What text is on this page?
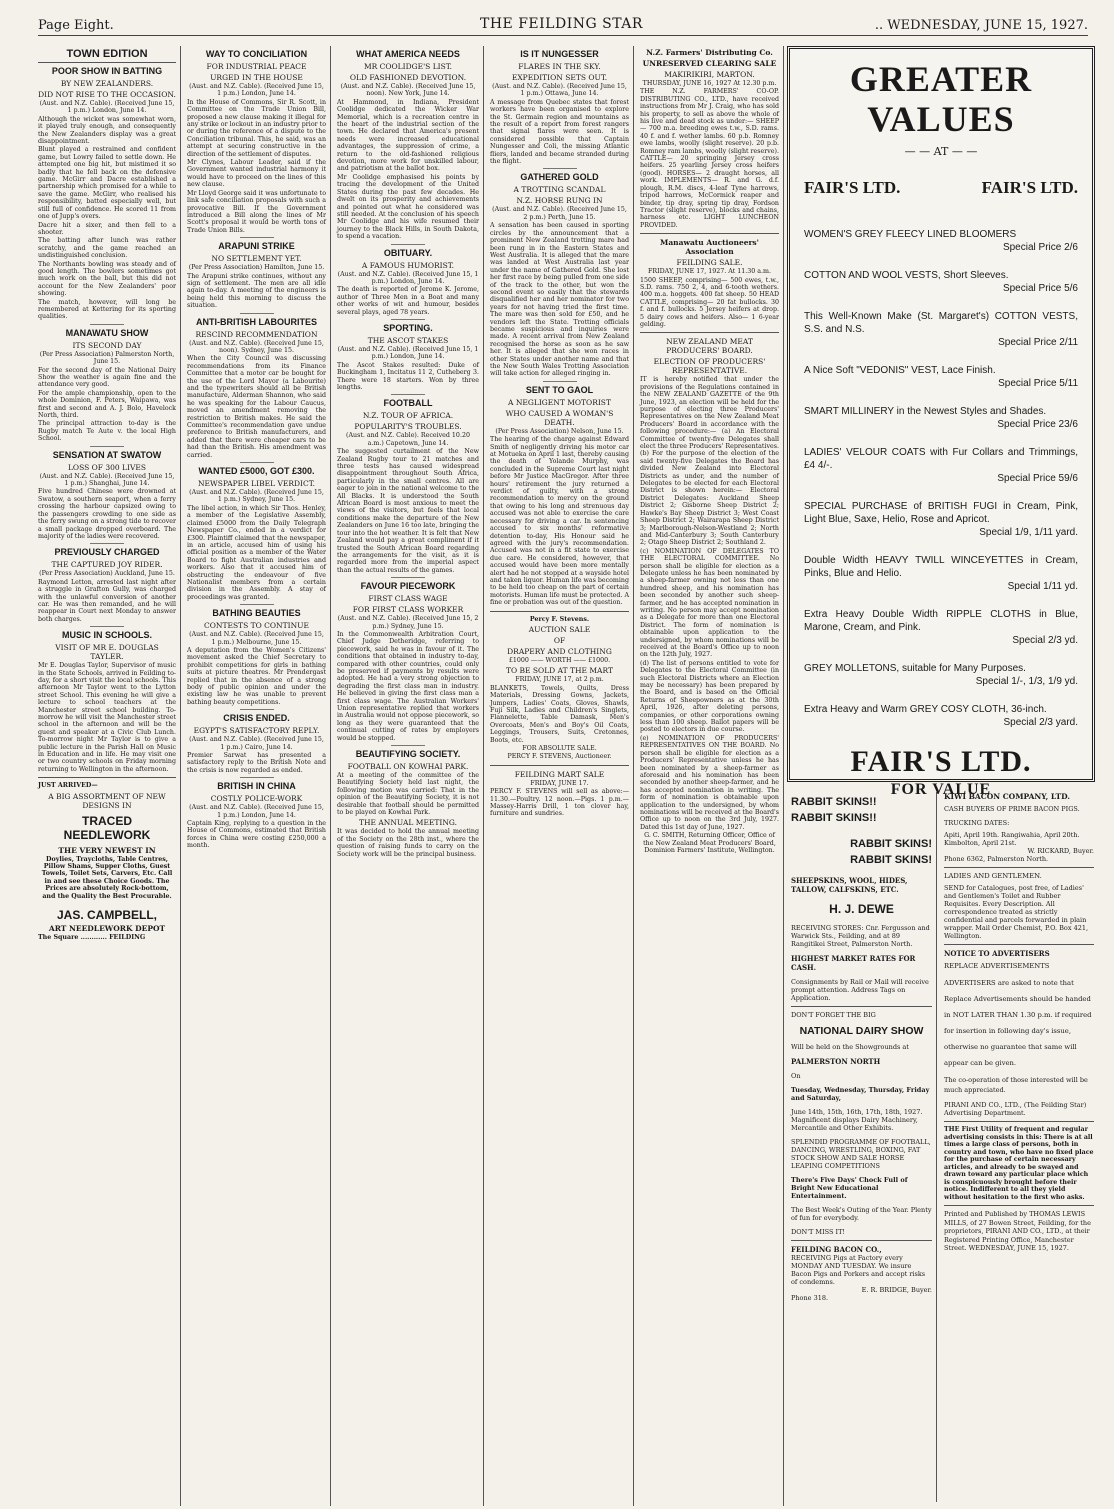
Page Eight.	THE FEILDING STAR	.. WEDNESDAY, JUNE 15, 1927.
TOWN EDITION
POOR SHOW IN BATTING
BY NEW ZEALANDERS.
DID NOT RISE TO THE OCCASION.

(Aust. and N.Z. Cable). (Received June 15, 1 p.m.) London, June 14.

Although the wicket was somewhat worn, it played truly enough, and consequently the New Zealanders display was a great disappointment.

Blunt played a restrained and confident game, but Lowry failed to settle down. He attempted one big hit, but mistimed it so badly that he fell back on the defensive game. McGirr and Dacre established a partnership which promised for a while to save the game. McGirr, who realised his responsibility, batted especially well, but still full of confidence. He scored 11 from one of Jupp's overs.

Dacre hit a sixer, and then fell to a shooter.

The batting after lunch was rather scratchy, and the game reached an undistinguished conclusion.

The Northants bowling was steady and of good length. The bowlers sometimes got much work on the ball, but this did not account for the New Zealanders' poor showing.

The match, however, will long be remembered at Kettering for its sporting qualities.

MANAWATU SHOW
ITS SECOND DAY

(Per Press Association) Palmerston North, June 15.

For the second day of the National Dairy Show the weather is again fine and the attendance very good.

For the ample championship, open to the whole Dominion, F. Peters, Waipawa, was first and second and A. J. Bolo, Havelock North, third.

The principal attraction to-day is the Rugby match Te Aute v. the local High School.

SENSATION AT SWATOW
LOSS OF 300 LIVES

(Aust. and N.Z. Cable). (Received June 15, 1 p.m.) Shanghai, June 14.

Five hundred Chinese were drowned at Swatow, a southern seaport, when a ferry crossing the harbour capsized owing to the passengers crowding to one side as the ferry swung on a strong tide to recover a small package dropped overboard. The majority of the ladies were recovered.

PREVIOUSLY CHARGED
THE CAPTURED JOY RIDER.

(Per Press Association) Auckland, June 15.

Raymond Letton, arrested last night after a struggle in Grafton Gully, was charged with the unlawful conversion of another car. He was then remanded, and he will reappear in Court next Monday to answer both charges.

MUSIC IN SCHOOLS.
VISIT OF MR E. DOUGLAS TAYLER.

Mr E. Douglas Taylor, Supervisor of music in the State Schools, arrived in Feilding to-day, for a short visit the local schools. This afternoon Mr Taylor went to the Lytton street School. This evening he will give a lecture to school teachers at the Manchester street school building. To-morrow he will visit the Manchester street school in the afternoon and will be the guest and speaker at a Civic Club Lunch. To-morrow night Mr Taylor is to give a public lecture in the Parish Hall on Music in Education and in life. He may visit one or two country schools on Friday morning returning to Wellington in the afternoon.

JUST ARRIVED—

A BIG ASSORTMENT OF NEW DESIGNS IN
TRACED NEEDLEWORK
THE VERY NEWEST IN

Doylies, Traycloths, Table Centres, Pillow Shams, Supper Cloths, Guest Towels, Toilet Sets, Carvers, Etc. Call in and see these Choice Goods. The Prices are absolutely Rock-bottom, and the Quality the Best Procurable.

JAS. CAMPBELL,
ART NEEDLEWORK DEPOT

The Square ............ FEILDING

WAY TO CONCILIATION
FOR INDUSTRIAL PEACE
URGED IN THE HOUSE

(Aust. and N.Z. Cable). (Received June 15, 1 p.m.) London, June 14.

In the House of Commons, Sir R. Scott, in Committee on the Trade Union Bill, proposed a new clause making it illegal for any strike or lockout in an industry prior to or during the reference of a dispute to the Conciliation tribunal. This, he said, was an attempt at securing constructive in the direction of the settlement of disputes.

Mr Clynes, Labour Leader, said if the Government wanted industrial harmony it would have to proceed on the lines of this new clause.

Mr Lloyd George said it was unfortunate to link safe conciliation proposals with such a provocative Bill. If the Government introduced a Bill along the lines of Mr Scott's proposal it would be worth tons of Trade Union Bills.

ARAPUNI STRIKE
NO SETTLEMENT YET.

(Per Press Association) Hamilton, June 15.

The Arapuni strike continues, without any sign of settlement. The men are all idle again to-day. A meeting of the engineers is being held this morning to discuss the situation.

ANTI-BRITISH LABOURITES
RESCIND RECOMMENDATION

(Aust. and N.Z. Cable). (Received June 15, noon). Sydney, June 15.

When the City Council was discussing recommendations from its Finance Committee that a motor car be bought for the use of the Lord Mayor (a Labourite) and the typewriters should all be British manufacture, Alderman Shannon, who said he was speaking for the Labour Caucus, moved an amendment removing the restriction to British makes. He said the Committee's recommendation gave undue preference to British manufacturers, and added that there were cheaper cars to be had than the British. His amendment was carried.

WANTED £5000, GOT £300.
NEWSPAPER LIBEL VERDICT.

(Aust. and N.Z. Cable). (Received June 15, 1 p.m.) Sydney, June 15.

The libel action, in which Sir Thos. Henley, a member of the Legislative Assembly, claimed £5000 from the Daily Telegraph Newspaper Co., ended in a verdict for £300. Plaintiff claimed that the newspaper, in an article, accused him of using his official position as a member of the Water Board to fight Australian industries and workers. Also that it accused him of obstructing the endeavour of five Nationalist members from a certain division in the Assembly. A stay of proceedings was granted.

BATHING BEAUTIES
CONTESTS TO CONTINUE

(Aust. and N.Z. Cable). (Received June 15, 1 p.m.) Melbourne, June 15.

A deputation from the Women's Citizens' movement asked the Chief Secretary to prohibit competitions for girls in bathing suits at picture theatres. Mr Prendergast replied that in the absence of a strong body of public opinion and under the existing law he was unable to prevent bathing beauty competitions.

CRISIS ENDED.
EGYPT'S SATISFACTORY REPLY.

(Aust. and N.Z. Cable). (Received June 15, 1 p.m.) Cairo, June 14.

Premier Sarwat has presented a satisfactory reply to the British Note and the crisis is now regarded as ended.

BRITISH IN CHINA
COSTLY POLICE-WORK

(Aust. and N.Z. Cable). (Received June 15, 1 p.m.) London, June 14.

Captain King, replying to a question in the House of Commons, estimated that British forces in China were costing £250,000 a month.

WHAT AMERICA NEEDS
MR COOLIDGE'S LIST.
OLD FASHIONED DEVOTION.

(Aust. and N.Z. Cable). (Received June 15, noon). New York, June 14.

At Hammond, in Indiana, President Coolidge dedicated the Wicker War Memorial, which is a recreation centre in the heart of the industrial section of the town. He declared that America's present needs were increased educational advantages, the suppression of crime, a return to the old-fashioned religious devotion, more work for unskilled labour, and patriotism at the ballot box.

Mr Coolidge emphasised his points by tracing the development of the United States during the past few decades. He dwelt on its prosperity and achievements and pointed out what he considered was still needed. At the conclusion of his speech Mr Coolidge and his wife resumed their journey to the Black Hills, in South Dakota, to spend a vacation.

OBITUARY.
A FAMOUS HUMORIST.

(Aust. and N.Z. Cable). (Received June 15, 1 p.m.) London, June 14.

The death is reported of Jerome K. Jerome, author of Three Men in a Boat and many other works of wit and humour, besides several plays, aged 78 years.

SPORTING.
THE ASCOT STAKES

(Aust. and N.Z. Cable). (Received June 15, 1 p.m.) London, June 14.

The Ascot Stakes resulted: Duke of Buckingham 1, Incitatus 11 2, Cutheberg 3. There were 18 starters. Won by three lengths.

FOOTBALL
N.Z. TOUR OF AFRICA.
POPULARITY'S TROUBLES.

(Aust. and N.Z. Cable). Received 10.20 a.m.) Capetown, June 14.

The suggested curtailment of the New Zealand Rugby tour to 21 matches and three tests has caused widespread disappointment throughout South Africa, particularly in the small centres. All are eager to join in the national welcome to the All Blacks. It is understood the South African Board is most anxious to meet the views of the visitors, but feels that local conditions make the departure of the New Zealanders on June 16 too late, bringing the tour into the hot weather. It is felt that New Zealand would pay a great compliment if it trusted the South African Board regarding the arrangements for the visit, as it is regarded more from the imperial aspect than the actual results of the games.

FAVOUR PIECEWORK
FIRST CLASS WAGE
FOR FIRST CLASS WORKER

(Aust. and N.Z. Cable). (Received June 15, 2 p.m.) Sydney, June 15.

In the Commonwealth Arbitration Court, Chief Judge Detheridge, referring to piecework, said he was in favour of it. The conditions that obtained in industry to-day, compared with other countries, could only be preserved if payments by results were adopted. He had a very strong objection to degrading the first class man in industry. He believed in giving the first class man a first class wage. The Australian Workers' Union representative replied that workers in Australia would not oppose piecework, so long as they were guaranteed that the continual cutting of rates by employers would be stopped.

BEAUTIFYING SOCIETY.
FOOTBALL ON KOWHAI PARK.

At a meeting of the committee of the Beautifying Society held last night, the following motion was carried: That in the opinion of the Beautifying Society, it is not desirable that football should be permitted to be played on Kowhai Park.

THE ANNUAL MEETING.

It was decided to hold the annual meeting of the Society on the 28th inst., where the question of raising funds to carry on the Society work will be the principal business.

IS IT NUNGESSER
FLARES IN THE SKY.
EXPEDITION SETS OUT.

(Aust. and N.Z. Cable). (Received June 15, 1 p.m.) Ottawa, June 14.

A message from Quebec states that forest workers have been organised to explore the St. Germain region and mountains as the result of a report from forest rangers that signal flares were seen. It is considered possible that Captain Nungesser and Coli, the missing Atlantic fliers, landed and became stranded during the flight.

GATHERED GOLD
A TROTTING SCANDAL
N.Z. HORSE RUNG IN

(Aust. and N.Z. Cable). (Received June 15, 2 p.m.) Perth, June 15.

A sensation has been caused in sporting circles by the announcement that a prominent New Zealand trotting mare had been rung in in the Eastern States and West Australia. It is alleged that the mare was landed at West Australia last year under the name of Gathered Gold. She lost her first race by being pulled from one side of the track to the other, but won the second event so easily that the stewards disqualified her and her nominator for two years for not having tried the first time. The mare was then sold for £50, and he vendors left the State. Trotting officials became suspicious and inquiries were made. A recent arrival from New Zealand recognised the horse as soon as he saw her. It is alleged that she won races in other States under another name and that the New South Wales Trotting Association will take action for alleged ringing in.

SENT TO GAOL
A NEGLIGENT MOTORIST
WHO CAUSED A WOMAN'S DEATH.

(Per Press Association) Nelson, June 15.

The hearing of the charge against Edward Smith of negligently driving his motor car at Motueka on April 1 last, thereby causing the death of Yolande Murphy, was concluded in the Supreme Court last night before Mr Justice MacGregor. After three hours' retirement the jury returned a verdict of guilty, with a strong recommendation to mercy on the ground that owing to his long and strenuous day accused was not able to exercise the care necessary for driving a car. In sentencing accused to six months' reformative detention to-day, His Honour said he agreed with the jury's recommendation. Accused was not in a fit state to exercise due care. He considered, however, that accused would have been more mentally alert had he not stopped at a wayside hotel and taken liquor. Human life was becoming to be held too cheap on the part of certain motorists. Human life must be protected. A fine or probation was out of the question.

Percy F. Stevens.

AUCTION SALE
OF
DRAPERY AND CLOTHING

£1000 —— WORTH —— £1000.

TO BE SOLD AT THE MART

FRIDAY, JUNE 17, at 2 p.m.

BLANKETS, Towels, Quilts, Dress Materials, Dressing Gowns, Jackets, Jumpers, Ladies' Coats, Gloves, Shawls, Fuji Silk, Ladies and Children's Singlets, Flannelette, Table Damask, Men's Overcoats, Men's and Boy's Oil Coats, Leggings, Trousers, Suits, Cretonnes, Boots, etc.

FOR ABSOLUTE SALE.

PERCY F. STEVENS, Auctioneer.

FEILDING MART SALE

FRIDAY, JUNE 17.

PERCY F. STEVENS will sell as above:— 11.30.—Poultry. 12 noon.—Pigs. 1 p.m.—Massey-Harris Drill, 1 ton clover hay, furniture and sundries.

N.Z. Farmers' Distributing Co.
UNRESERVED CLEARING SALE
MAKIRIKIRI, MARTON.

THURSDAY, JUNE 16, 1927 At 12.30 p.m.

THE N.Z. FARMERS' CO-OP. DISTRIBUTING CO., LTD., have received instructions from Mr J. Craig, who has sold his property, to sell as above the whole of his live and dead stock as under:— SHEEP— 700 m.a. breeding ewes t.w., S.D. rams. 40 f. and f. wether lambs. 60 p.b. Romney ewe lambs, woolly (slight reserve). 20 p.b. Romney ram lambs, woolly (slight reserve). CATTLE— 20 springing Jersey cross heifers. 25 yearling Jersey cross heifers (good). HORSES— 2 draught horses, all work. IMPLEMENTS— R. and G. d.f. plough, R.M. discs, 4-leaf Tyne harrows, tripod harrows, McCormick reaper and binder, tip dray, spring tip dray, Fordson Tractor (slight reserve), blocks and chains, harness etc. LIGHT LUNCHEON PROVIDED.

Manawatu Auctioneers' Association
FEILDING SALE.

FRIDAY, JUNE 17, 1927. At 11.30 a.m.

1500 SHEEP, comprising— 500 ewes, t.w., S.D. rams. 750 2, 4, and 6-tooth wethers. 400 m.a. hoggets. 400 fat sheep. 50 HEAD CATTLE, comprising— 20 fat bullocks. 30 f. and f. bullocks. 5 Jersey heifers at drop. 5 dairy cows and heifers. Also— 1 6-year gelding.

NEW ZEALAND MEAT PRODUCERS' BOARD.
ELECTION OF PRODUCERS' REPRESENTATIVE.

IT is hereby notified that under the provisions of the Regulations contained in the NEW ZEALAND GAZETTE of the 9th June, 1923, an election will be held for the purpose of electing three Producers' Representatives on the New Zealand Meat Producers' Board in accordance with the following procedure:— (a) An Electoral Committee of twenty-five Delegates shall elect the three Producers' Representatives. (b) For the purpose of the election of the said twenty-five Delegates the Board has divided New Zealand into Electoral Districts as under, and the number of Delegates to be elected for each Electoral District is shown herein:— Electoral District Delegates: Auckland Sheep District 2; Gisborne Sheep District 2; Hawke's Bay Sheep District 3; West Coast Sheep District 2; Wairarapa Sheep District 3; Marlborough-Nelson-Westland 2; North and Mid-Canterbury 3; South Canterbury 2; Otago Sheep District 2; Southland 2.

(c) NOMINATION OF DELEGATES TO THE ELECTORAL COMMITTEE. No person shall be eligible for election as a Delegate unless he has been nominated by a sheep-farmer owning not less than one hundred sheep, and his nomination has been seconded by another such sheep-farmer, and he has accepted nomination in writing. No person may accept nomination as a Delegate for more than one Electoral District. The form of nomination is obtainable upon application to the undersigned, by whom nominations will be received at the Board's Office up to noon on the 12th July, 1927.

(d) The list of persons entitled to vote for Delegates to the Electoral Committee (in such Electoral Districts where an Election may be necessary) has been prepared by the Board, and is based on the Official Returns of Sheepowners as at the 30th April, 1926, after deleting persons, companies, or other corporations owning less than 100 sheep. Ballot papers will be posted to electors in due course.

(e) NOMINATION OF PRODUCERS' REPRESENTATIVES ON THE BOARD. No person shall be eligible for election as a Producers' Representative unless he has been nominated by a sheep-farmer as aforesaid and his nomination has been seconded by another sheep-farmer, and he has accepted nomination in writing. The form of nomination is obtainable upon application to the undersigned, by whom nominations will be received at the Board's Office up to noon on the 3rd July, 1927. Dated this 1st day of June, 1927.

G. C. SMITH, Returning Officer, Office of the New Zealand Meat Producers' Board, Dominion Farmers' Institute, Wellington.

GREATER
VALUES
— — AT — —
FAIR'S LTD.	FAIR'S LTD.
WOMEN'S GREY FLEECY LINED BLOOMERS
Special Price 2/6
COTTON AND WOOL VESTS, Short Sleeves.
Special Price 5/6
This Well-Known Make (St. Margaret's) COTTON VESTS, S.S. and N.S.
Special Price 2/11
A Nice Soft "VEDONIS" VEST, Lace Finish.
Special Price 5/11
SMART MILLINERY in the Newest Styles and Shades.
Special Price 23/6
LADIES' VELOUR COATS with Fur Collars and Trimmings, £4 4/-.
Special Price 59/6
SPECIAL PURCHASE of BRITISH FUGI in Cream, Pink, Light Blue, Saxe, Helio, Rose and Apricot.
Special 1/9, 1/11 yard.
Double Width HEAVY TWILL WINCEYETTES in Cream, Pinks, Blue and Helio.
Special 1/11 yd.
Extra Heavy Double Width RIPPLE CLOTHS in Blue, Marone, Cream, and Pink.
Special 2/3 yd.
GREY MOLLETONS, suitable for Many Purposes.
Special 1/-, 1/3, 1/9 yd.
Extra Heavy and Warm GREY COSY CLOTH, 36-inch.
Special 2/3 yard.
FAIR'S LTD.
FOR VALUE
RABBIT SKINS!!
RABBIT SKINS!!
RABBIT SKINS!
RABBIT SKINS!

SHEEPSKINS, WOOL, HIDES, TALLOW, CALFSKINS, ETC.

H. J. DEWE

RECEIVING STORES: Cnr. Fergusson and Warwick Sts., Feilding, and at 89 Rangitikei Street, Palmerston North.

HIGHEST MARKET RATES FOR CASH.

Consignments by Rail or Mail will receive prompt attention. Address Tags on Application.

DON'T FORGET THE BIG

NATIONAL DAIRY SHOW

Will be held on the Showgrounds at

PALMERSTON NORTH

On

Tuesday, Wednesday, Thursday, Friday and Saturday,

June 14th, 15th, 16th, 17th, 18th, 1927. Magnificent displays Dairy Machinery, Mercantile and Other Exhibits.

SPLENDID PROGRAMME OF FOOTBALL, DANCING, WRESTLING, BOXING, FAT STOCK SHOW AND SALE HORSE LEAPING COMPETITIONS

There's Five Days' Chock Full of Bright New Educational Entertainment.

The Best Week's Outing of the Year. Plenty of fun for everybody.

DON'T MISS IT!

FEILDING BACON CO.,

RECEIVING Pigs at Factory every MONDAY AND TUESDAY. We insure Bacon Pigs and Porkers and accept risks of condemns.

E. R. BRIDGE, Buyer.

Phone 318.

KIWI BACON COMPANY, LTD.

CASH BUYERS OF PRIME BACON PIGS.

TRUCKING DATES:

Apiti, April 19th. Rangiwahia, April 20th. Kimbolton, April 21st.

W. RICKARD, Buyer.

Phone 6362, Palmerston North.

LADIES AND GENTLEMEN.

SEND for Catalogues, post free, of Ladies' and Gentlemen's Toilet and Rubber Requisites. Every Description. All correspondence treated as strictly confidential and parcels forwarded in plain wrapper. Mail Order Chemist, P.O. Box 421, Wellington.

NOTICE TO ADVERTISERS

REPLACE ADVERTISEMENTS

ADVERTISERS are asked to note that Replace Advertisements should be handed in NOT LATER THAN 1.30 p.m. if required for insertion in following day's issue, otherwise no guarantee that same will appear can be given.

The co-operation of those interested will be much appreciated.

PIRANI AND CO., LTD., (The Feilding Star) Advertising Department.

THE First Utility of frequent and regular advertising consists in this: There is at all times a large class of persons, both in country and town, who have no fixed place for the purchase of certain necessary articles, and already to be swayed and drawn toward any particular place which is conspicuously brought before their notice. Indifferent to all they yield without hesitation to the first who asks.

Printed and Published by THOMAS LEWIS MILLS, of 27 Bowen Street, Feilding, for the proprietors, PIRANI AND CO., LTD., at their Registered Printing Office, Manchester Street. WEDNESDAY, JUNE 15, 1927.
